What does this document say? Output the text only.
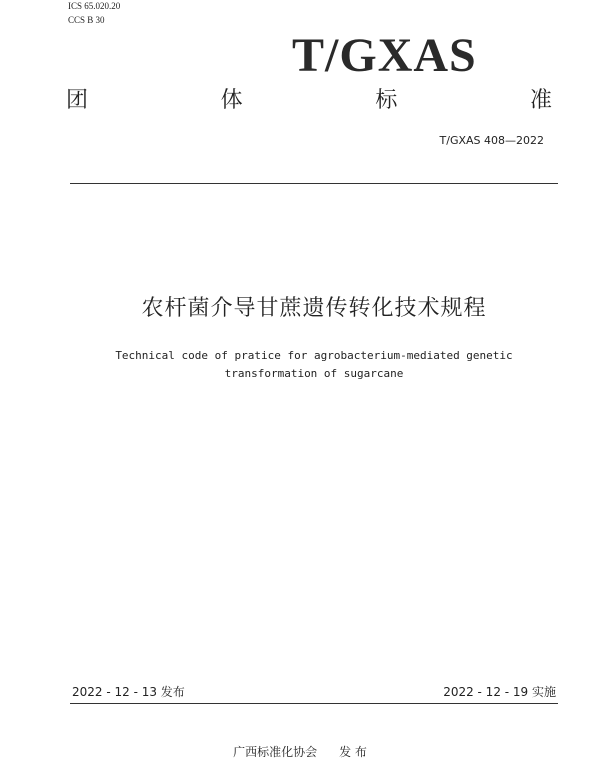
ICS 65.020.20
CCS B 30
T/GXAS
团	体	标	准
T/GXAS 408—2022
农杆菌介导甘蔗遗传转化技术规程
Technical code of pratice for agrobacterium-mediated genetic
transformation of sugarcane
2022 - 12 - 13 发布	2022 - 12 - 19 实施
广西标准化协会 发 布
